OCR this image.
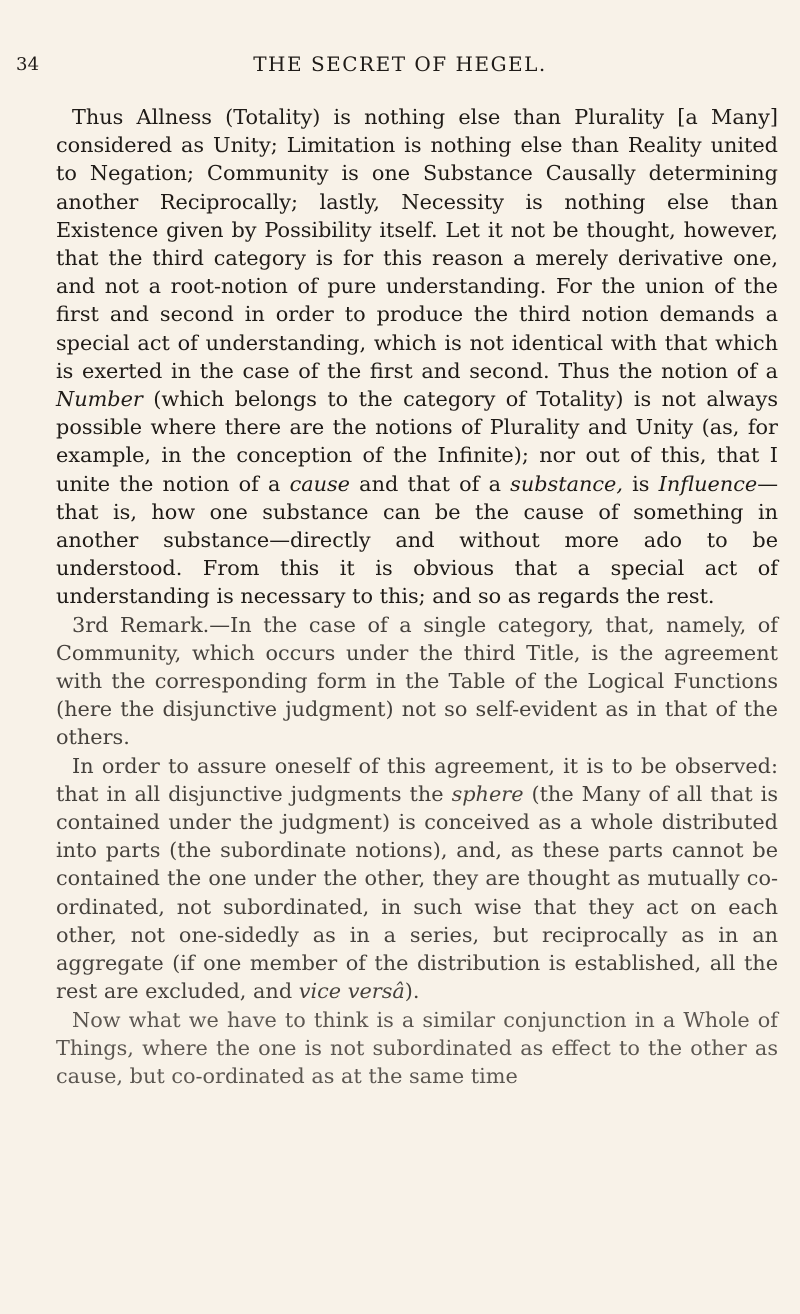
34	THE SECRET OF HEGEL.

Thus Allness (Totality) is nothing else than Plurality [a Many] considered as Unity; Limitation is nothing else than Reality united to Negation; Community is one Substance Causally determining another Reciprocally; lastly, Necessity is nothing else than Existence given by Possibility itself. Let it not be thought, however, that the third category is for this reason a merely derivative one, and not a root-notion of pure understanding. For the union of the first and second in order to produce the third notion demands a special act of understanding, which is not identical with that which is exerted in the case of the first and second. Thus the notion of a Number (which belongs to the category of Totality) is not always possible where there are the notions of Plurality and Unity (as, for example, in the conception of the Infinite); nor out of this, that I unite the notion of a cause and that of a substance, is Influence—that is, how one substance can be the cause of something in another substance—directly and without more ado to be understood. From this it is obvious that a special act of understanding is necessary to this; and so as regards the rest.

3rd Remark.—In the case of a single category, that, namely, of Community, which occurs under the third Title, is the agreement with the corresponding form in the Table of the Logical Functions (here the disjunctive judgment) not so self-evident as in that of the others.

In order to assure oneself of this agreement, it is to be observed: that in all disjunctive judgments the sphere (the Many of all that is contained under the judgment) is conceived as a whole distributed into parts (the subordinate notions), and, as these parts cannot be contained the one under the other, they are thought as mutually co-ordinated, not subordinated, in such wise that they act on each other, not one-sidedly as in a series, but reciprocally as in an aggregate (if one member of the distribution is established, all the rest are excluded, and vice versâ).

Now what we have to think is a similar conjunction in a Whole of Things, where the one is not subordinated as effect to the other as cause, but co-ordinated as at the same time
